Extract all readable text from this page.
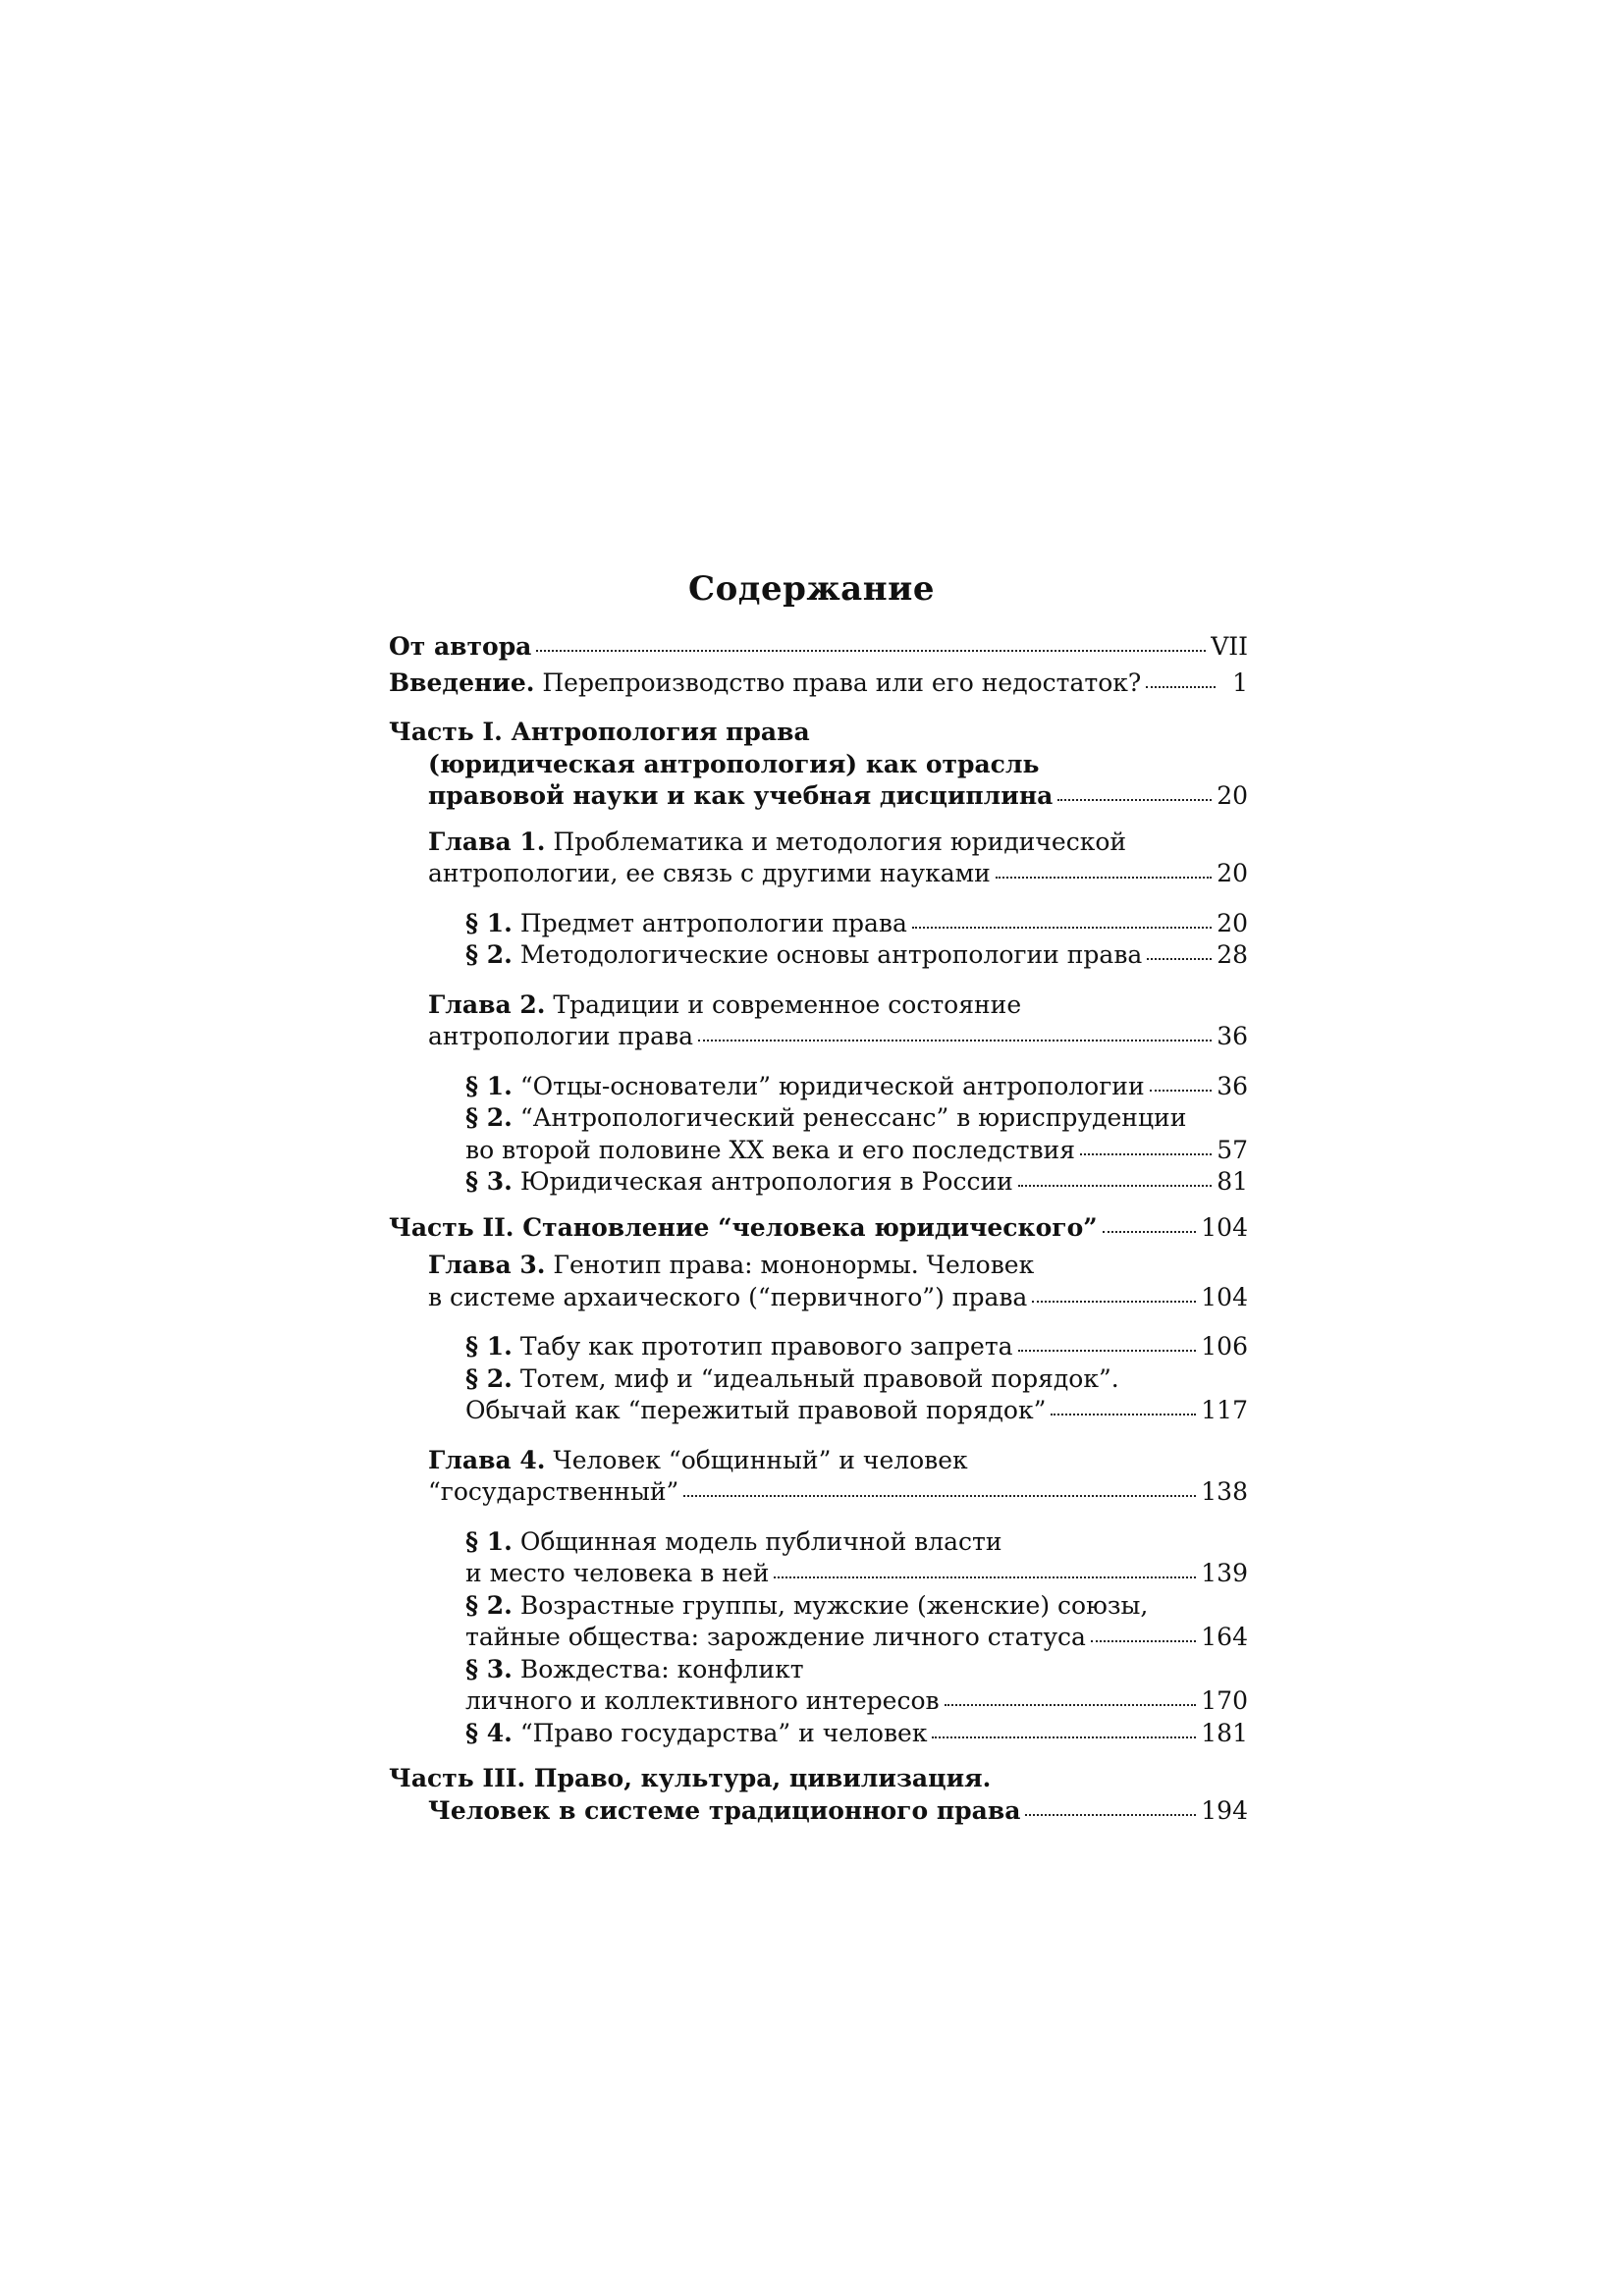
Содержание
От автора	VII
Введение. Перепроизводство права или его недостаток?	1
Часть I. Антропология права
(юридическая антропология) как отрасль
правовой науки и как учебная дисциплина	20
Глава 1. Проблематика и методология юридической
антропологии, ее связь с другими науками	20
§ 1. Предмет антропологии права	20
§ 2. Методологические основы антропологии права	28
Глава 2. Традиции и современное состояние
антропологии права	36
§ 1. “Отцы-основатели” юридической антропологии	36
§ 2. “Антропологический ренессанс” в юриспруденции
во второй половине XX века и его последствия	57
§ 3. Юридическая антропология в России	81
Часть II. Становление “человека юридического”	104
Глава 3. Генотип права: мононормы. Человек
в системе архаического (“первичного”) права	104
§ 1. Табу как прототип правового запрета	106
§ 2. Тотем, миф и “идеальный правовой порядок”.
Обычай как “пережитый правовой порядок”	117
Глава 4. Человек “общинный” и человек
“государственный”	138
§ 1. Общинная модель публичной власти
и место человека в ней	139
§ 2. Возрастные группы, мужские (женские) союзы,
тайные общества: зарождение личного статуса	164
§ 3. Вождества: конфликт
личного и коллективного интересов	170
§ 4. “Право государства” и человек	181
Часть III. Право, культура, цивилизация.
Человек в системе традиционного права	194
